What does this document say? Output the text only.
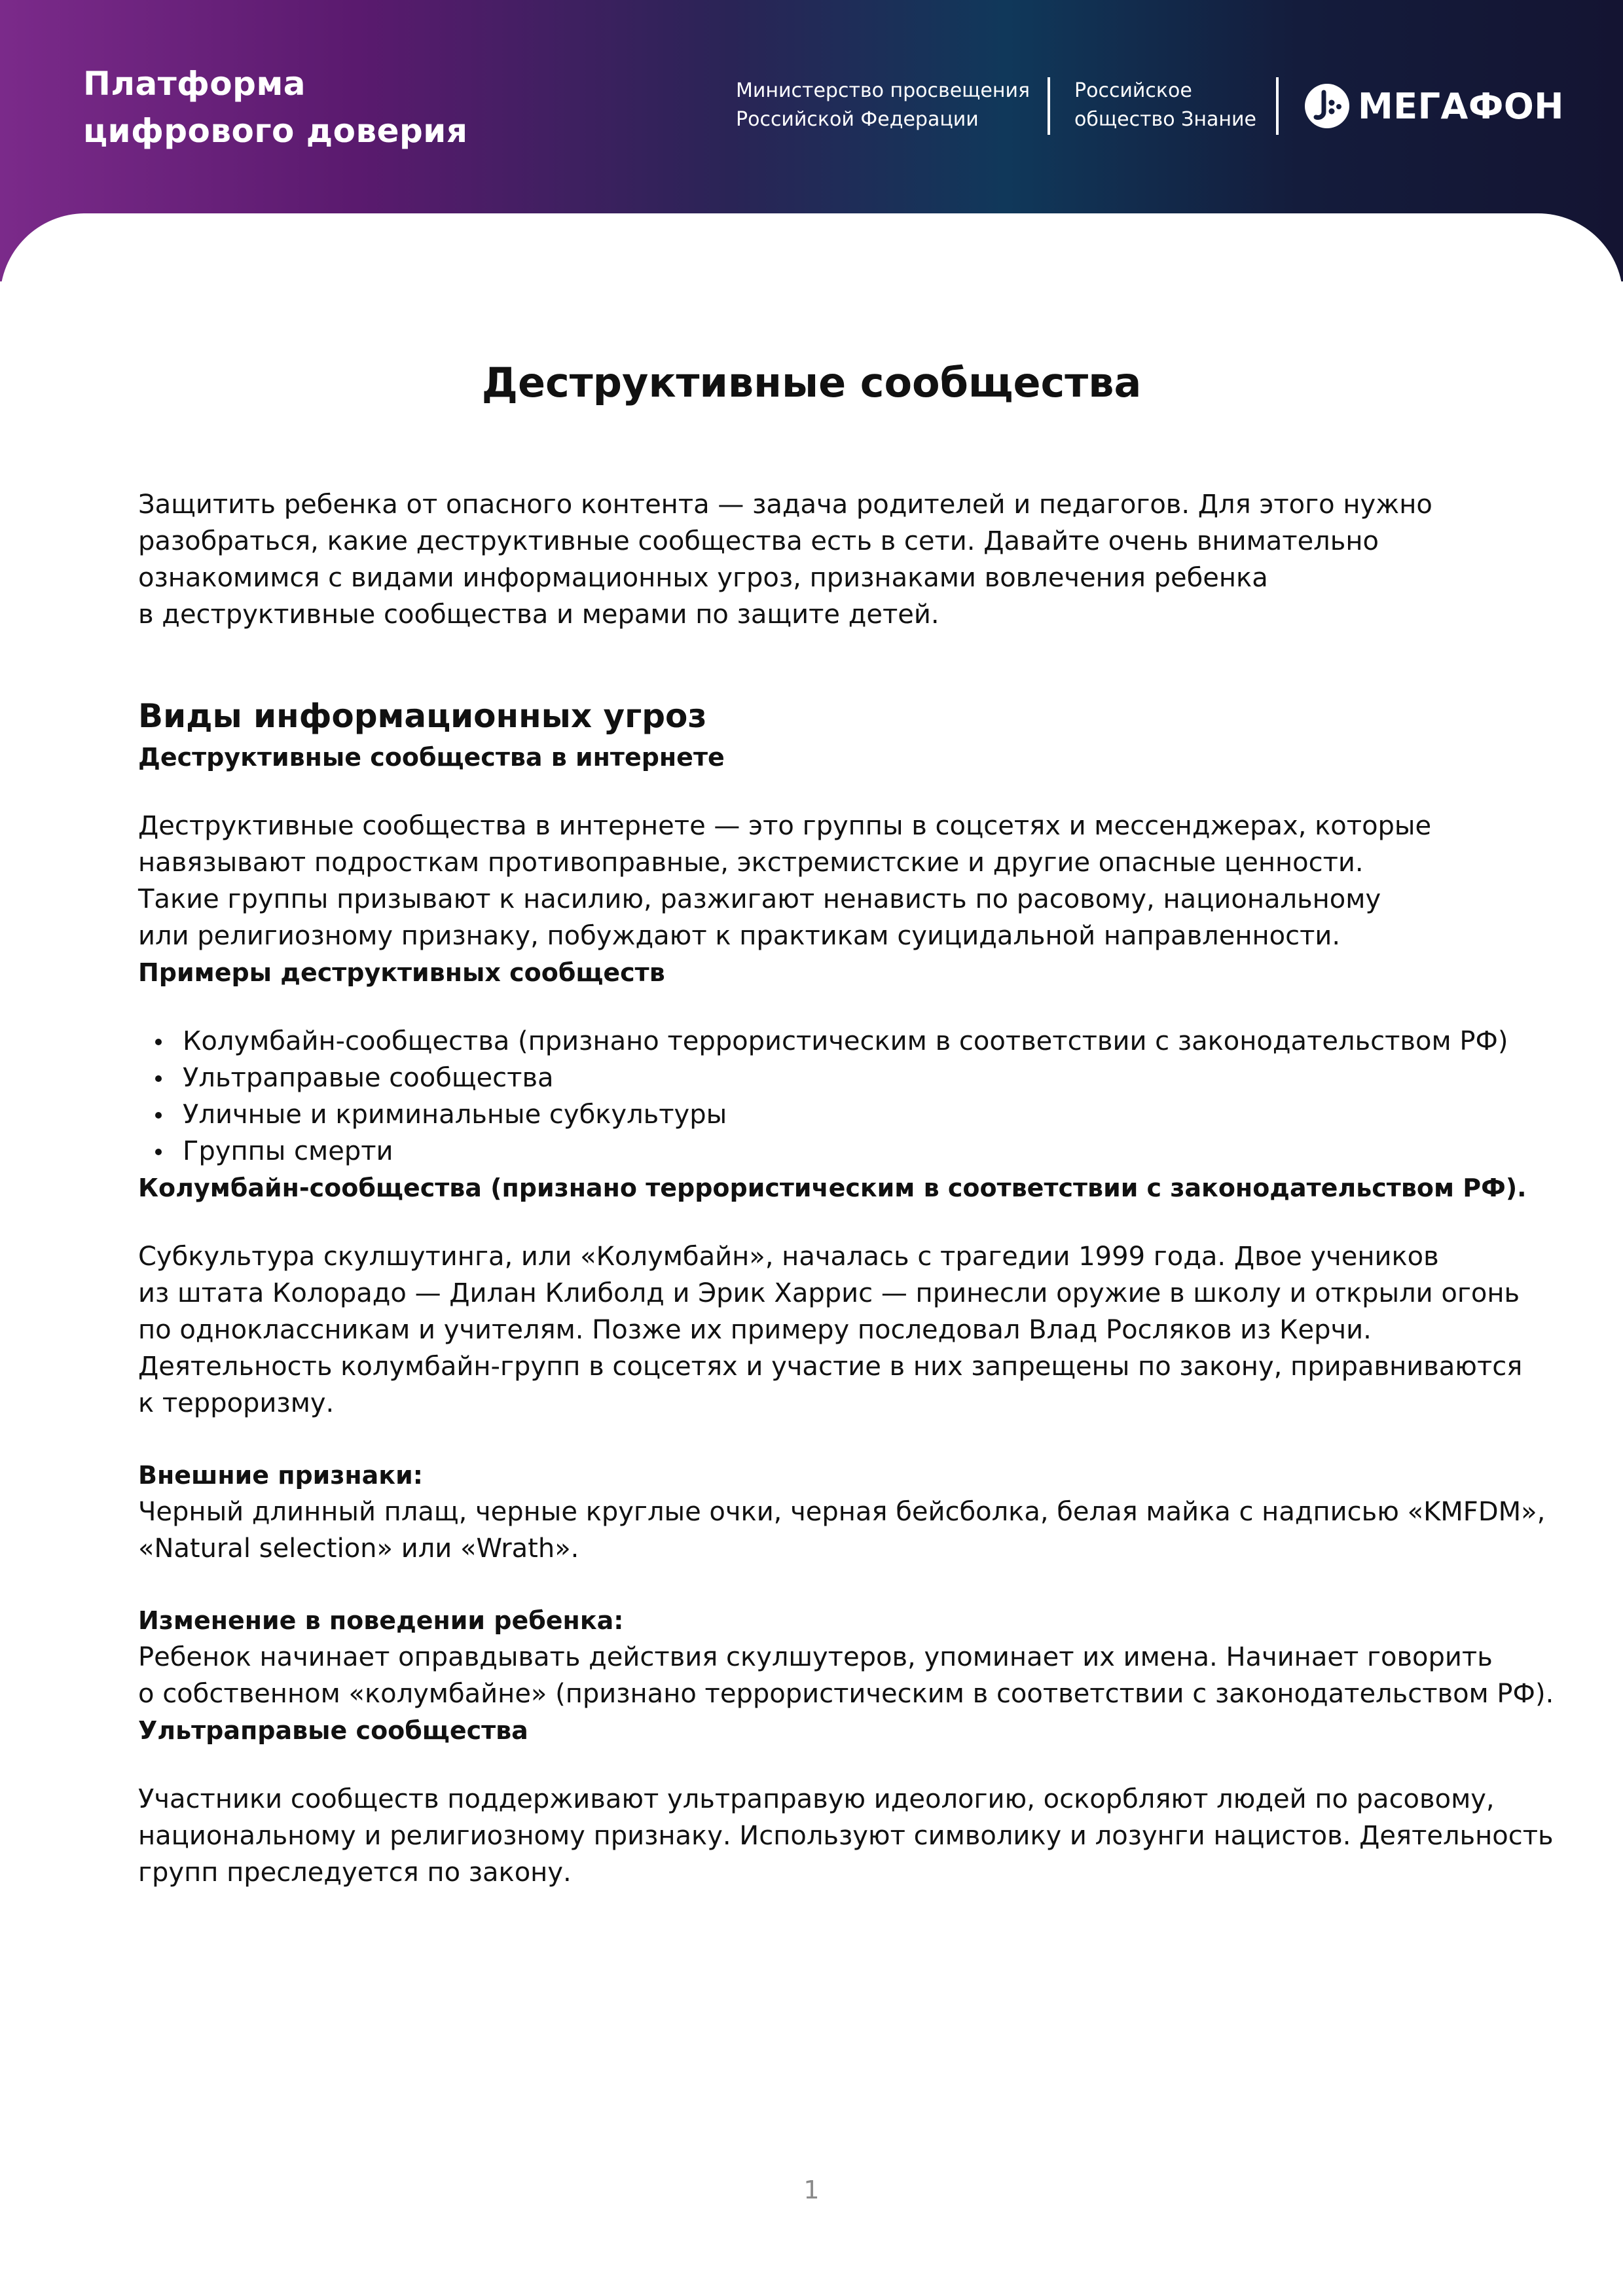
Платформа
цифрового доверия
Министерство просвещения
Российской Федерации
Российское
общество Знание	МЕГАФОН
Деструктивные сообщества

Защитить ребенка от опасного контента — задача родителей и педагогов. Для этого нужно
разобраться, какие деструктивные сообщества есть в сети. Давайте очень внимательно
ознакомимся с видами информационных угроз, признаками вовлечения ребенка
в деструктивные сообщества и мерами по защите детей.

Виды информационных угроз
Деструктивные сообщества в интернете

Деструктивные сообщества в интернете — это группы в соцсетях и мессенджерах, которые
навязывают подросткам противоправные, экстремистские и другие опасные ценности.
Такие группы призывают к насилию, разжигают ненависть по расовому, национальному
или религиозному признаку, побуждают к практикам суицидальной направленности.

Примеры деструктивных сообществ
Колумбайн-сообщества (признано террористическим в соответствии с законодательством РФ)
Ультраправые сообщества
Уличные и криминальные субкультуры
Группы смерти
Колумбайн-сообщества (признано террористическим в соответствии с законодательством РФ).

Субкультура скулшутинга, или «Колумбайн», началась с трагедии 1999 года. Двое учеников
из штата Колорадо — Дилан Клиболд и Эрик Харрис — принесли оружие в школу и открыли огонь
по одноклассникам и учителям. Позже их примеру последовал Влад Росляков из Керчи.
Деятельность колумбайн-групп в соцсетях и участие в них запрещены по закону, приравниваются
к терроризму.

Внешние признаки:

Черный длинный плащ, черные круглые очки, черная бейсболка, белая майка с надписью «KMFDM»,
«Natural selection» или «Wrath».

Изменение в поведении ребенка:

Ребенок начинает оправдывать действия скулшутеров, упоминает их имена. Начинает говорить
о собственном «колумбайне» (признано террористическим в соответствии с законодательством РФ).

Ультраправые сообщества

Участники сообществ поддерживают ультраправую идеологию, оскорбляют людей по расовому,
национальному и религиозному признаку. Используют символику и лозунги нацистов. Деятельность
групп преследуется по закону.

1
